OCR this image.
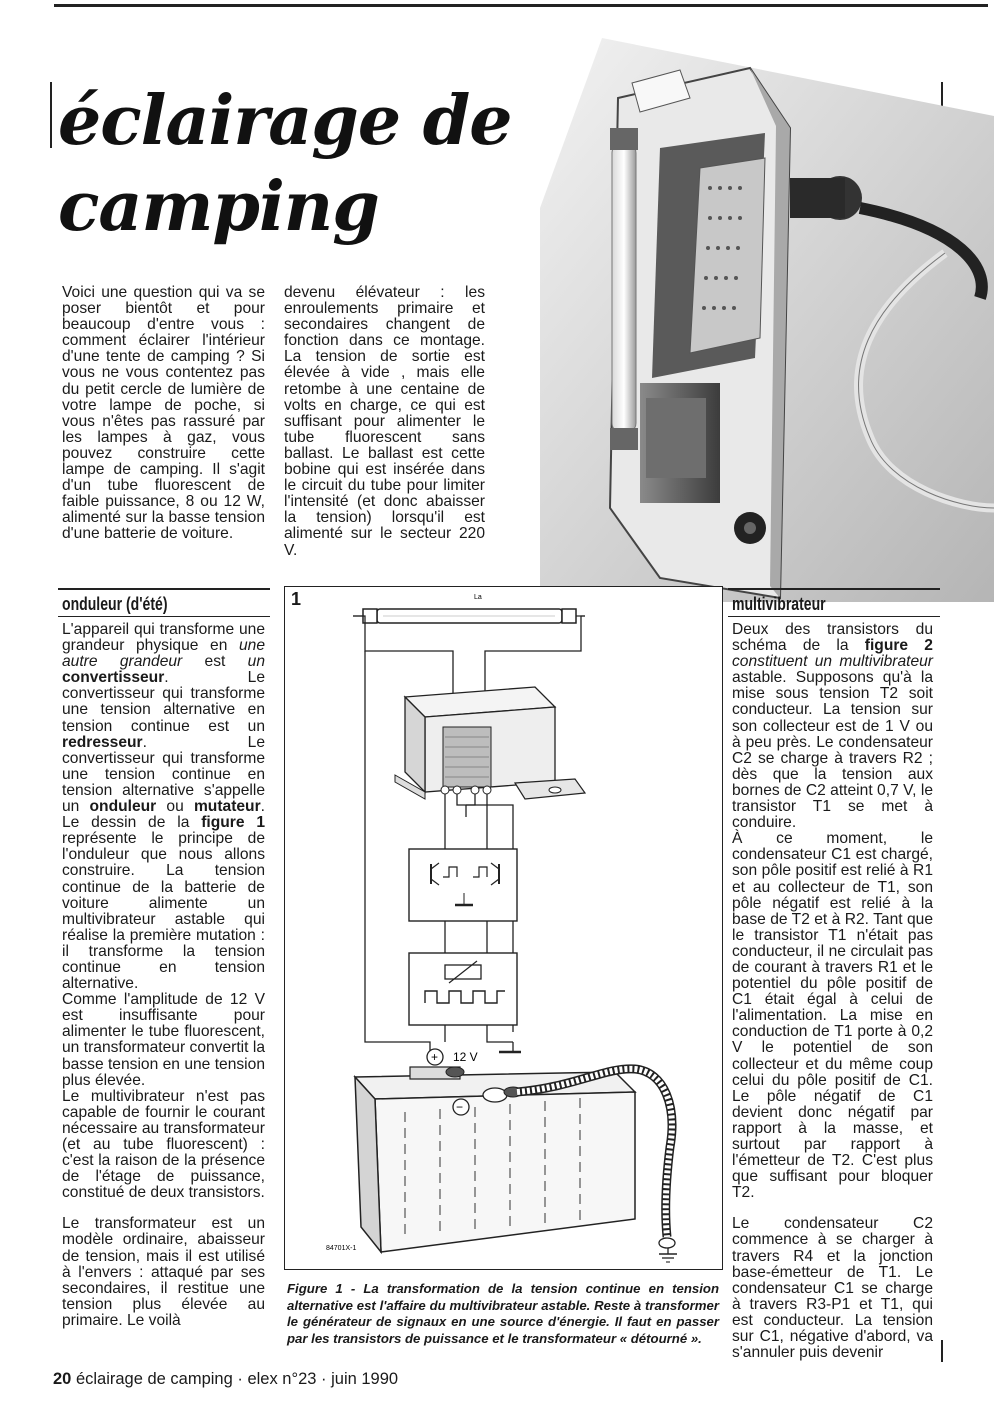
éclairage de
camping

Voici une question qui va se poser bientôt et pour beaucoup d'entre vous : comment éclairer l'intérieur d'une tente de camping ? Si vous ne vous contentez pas du petit cercle de lumière de votre lampe de poche, si vous n'êtes pas rassuré par les lampes à gaz, vous pouvez construire cette lampe de camping. Il s'agit d'un tube fluorescent de faible puissance, 8 ou 12 W, alimenté sur la basse tension d'une batterie de voiture.

devenu élévateur : les enroulements primaire et secondaires changent de fonction dans ce montage. La tension de sortie est élevée à vide , mais elle retombe à une centaine de volts en charge, ce qui est suffisant pour alimenter le tube fluorescent sans ballast. Le ballast est cette bobine qui est insérée dans le circuit du tube pour limiter l'intensité (et donc abaisser la tension) lorsqu'il est alimenté sur le secteur 220 V.

onduleur (d'été)

L'appareil qui transforme une grandeur physique en une autre grandeur est un convertisseur. Le convertisseur qui transforme une tension alternative en tension continue est un redresseur. Le convertisseur qui transforme une tension continue en tension alternative s'appelle un onduleur ou mutateur. Le dessin de la figure 1 représente le principe de l'onduleur que nous allons construire. La tension continue de la batterie de voiture alimente un multivibrateur astable qui réalise la première mutation : il transforme la tension continue en tension alternative.

Comme l'amplitude de 12 V est insuffisante pour alimenter le tube fluorescent, un transformateur convertit la basse tension en une tension plus élevée.

Le multivibrateur n'est pas capable de fournir le courant nécessaire au transformateur (et au tube fluorescent) : c'est la raison de la présence de l'étage de puissance, constitué de deux transistors.

Le transformateur est un modèle ordinaire, abaisseur de tension, mais il est utilisé à l'envers : attaqué par ses secondaires, il restitue une tension plus élevée au primaire. Le voilà

1	La
+ 12 V
−
84701X-1
Figure 1 - La transformation de la tension continue en tension alternative est l'affaire du multivibrateur astable. Reste à transformer le générateur de signaux en une source d'énergie. Il faut en passer par les transistors de puissance et le transformateur « détourné ».
multivibrateur

Deux des transistors du schéma de la figure 2 constituent un multivibrateur astable. Supposons qu'à la mise sous tension T2 soit conducteur. La tension sur son collecteur est de 1 V ou à peu près. Le condensateur C2 se charge à travers R2 ; dès que la tension aux bornes de C2 atteint 0,7 V, le transistor T1 se met à conduire.

À ce moment, le condensateur C1 est chargé, son pôle positif est relié à R1 et au collecteur de T1, son pôle négatif est relié à la base de T2 et à R2. Tant que le transistor T1 n'était pas conducteur, il ne circulait pas de courant à travers R1 et le potentiel du pôle positif de C1 était égal à celui de l'alimentation. La mise en conduction de T1 porte à 0,2 V le potentiel de son collecteur et du même coup celui du pôle positif de C1. Le pôle négatif de C1 devient donc négatif par rapport à la masse, et surtout par rapport à l'émetteur de T2. C'est plus que suffisant pour bloquer T2.

Le condensateur C2 commence à se charger à travers R4 et la jonction base-émetteur de T1. Le condensateur C1 se charge à travers R3-P1 et T1, qui est conducteur. La tension sur C1, négative d'abord, va s'annuler puis devenir

20 éclairage de camping · elex n°23 · juin 1990
